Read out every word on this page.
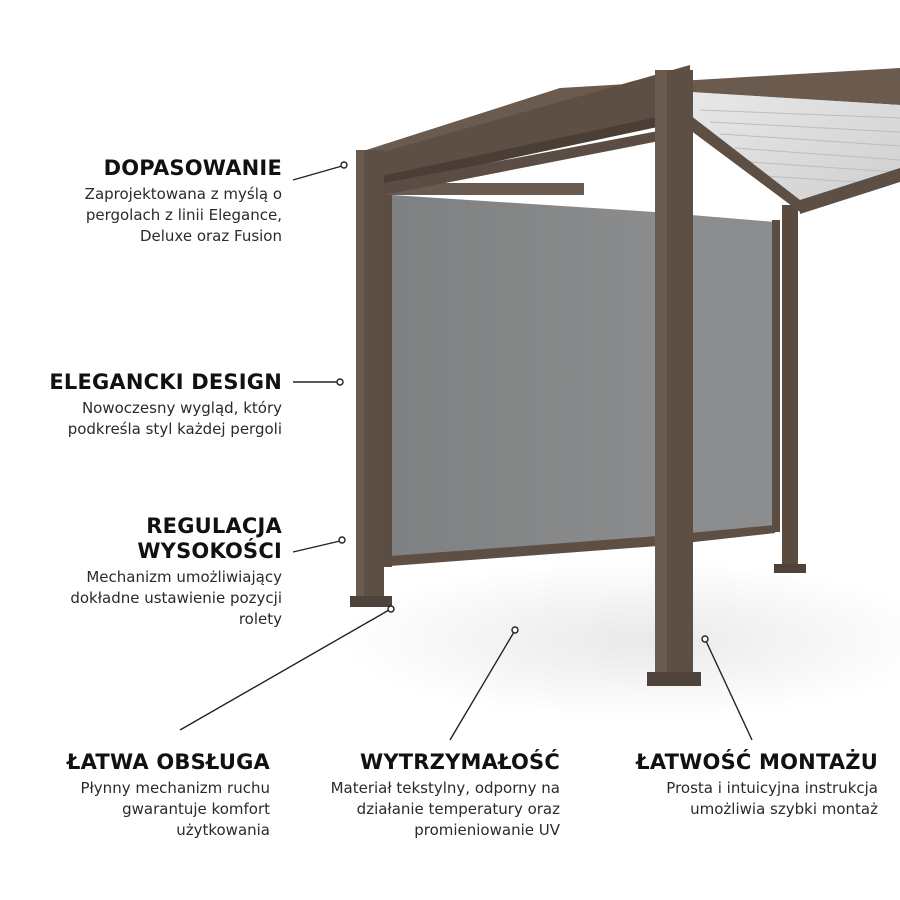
DOPASOWANIE

Zaprojektowana z myślą o
pergolach z linii Elegance,
Deluxe oraz Fusion

ELEGANCKI DESIGN

Nowoczesny wygląd, który
podkreśla styl każdej pergoli

REGULACJA
WYSOKOŚCI

Mechanizm umożliwiający
dokładne ustawienie pozycji
rolety

ŁATWA OBSŁUGA

Płynny mechanizm ruchu
gwarantuje komfort
użytkowania

WYTRZYMAŁOŚĆ

Materiał tekstylny, odporny na
działanie temperatury oraz
promieniowanie UV

ŁATWOŚĆ MONTAŻU

Prosta i intuicyjna instrukcja
umożliwia szybki montaż
